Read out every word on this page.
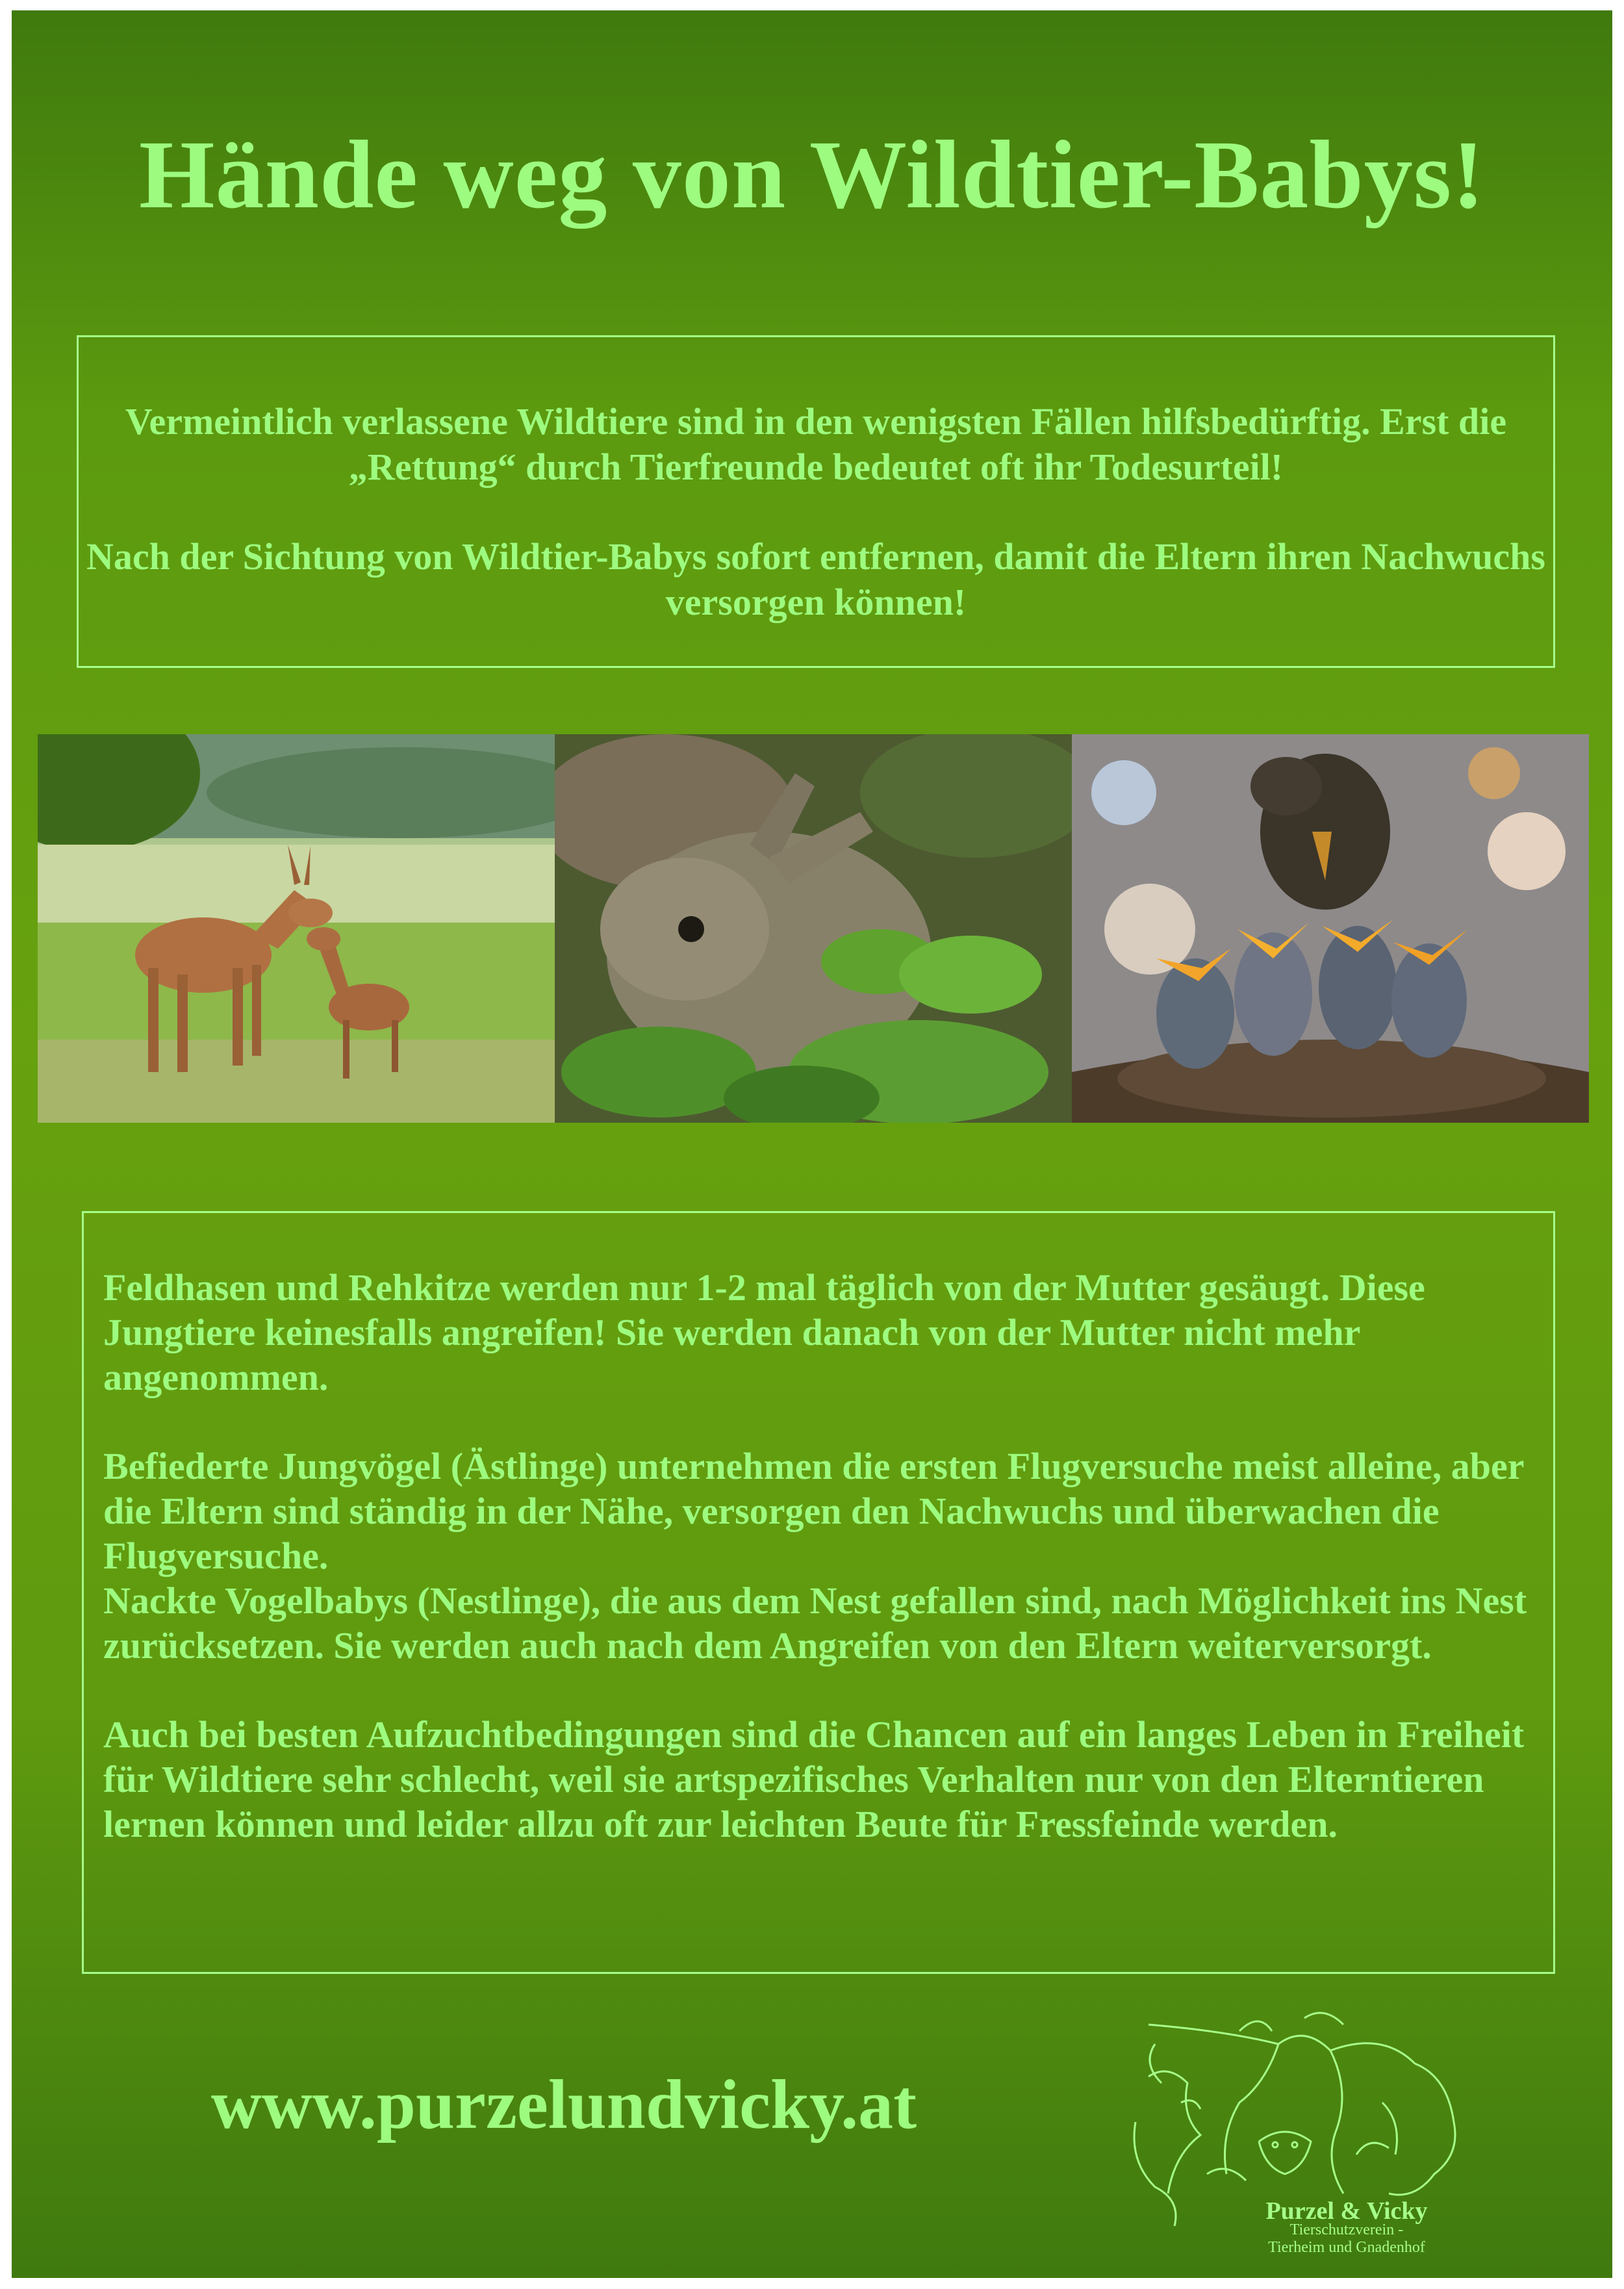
Hände weg von Wildtier-Babys!

Vermeintlich verlassene Wildtiere sind in den wenigsten Fällen hilfsbedürftig. Erst die „Rettung“ durch Tierfreunde bedeutet oft ihr Todesurteil!

Nach der Sichtung von Wildtier-Babys sofort entfernen, damit die Eltern ihren Nachwuchs versorgen können!

Feldhasen und Rehkitze werden nur 1-2 mal täglich von der Mutter gesäugt. Diese Jungtiere keinesfalls angreifen! Sie werden danach von der Mutter nicht mehr angenommen.

Befiederte Jungvögel (Ästlinge) unternehmen die ersten Flugversuche meist alleine, aber die Eltern sind ständig in der Nähe, versorgen den Nachwuchs und überwachen die Flugversuche.

Nackte Vogelbabys (Nestlinge), die aus dem Nest gefallen sind, nach Möglichkeit ins Nest zurücksetzen. Sie werden auch nach dem Angreifen von den Eltern weiterversorgt.

Auch bei besten Aufzuchtbedingungen sind die Chancen auf ein langes Leben in Freiheit für Wildtiere sehr schlecht, weil sie artspezifisches Verhalten nur von den Elterntieren lernen können und leider allzu oft zur leichten Beute für Fressfeinde werden.

www.purzelundvicky.at
Purzel & Vicky
Tierschutzverein -
Tierheim und Gnadenhof
